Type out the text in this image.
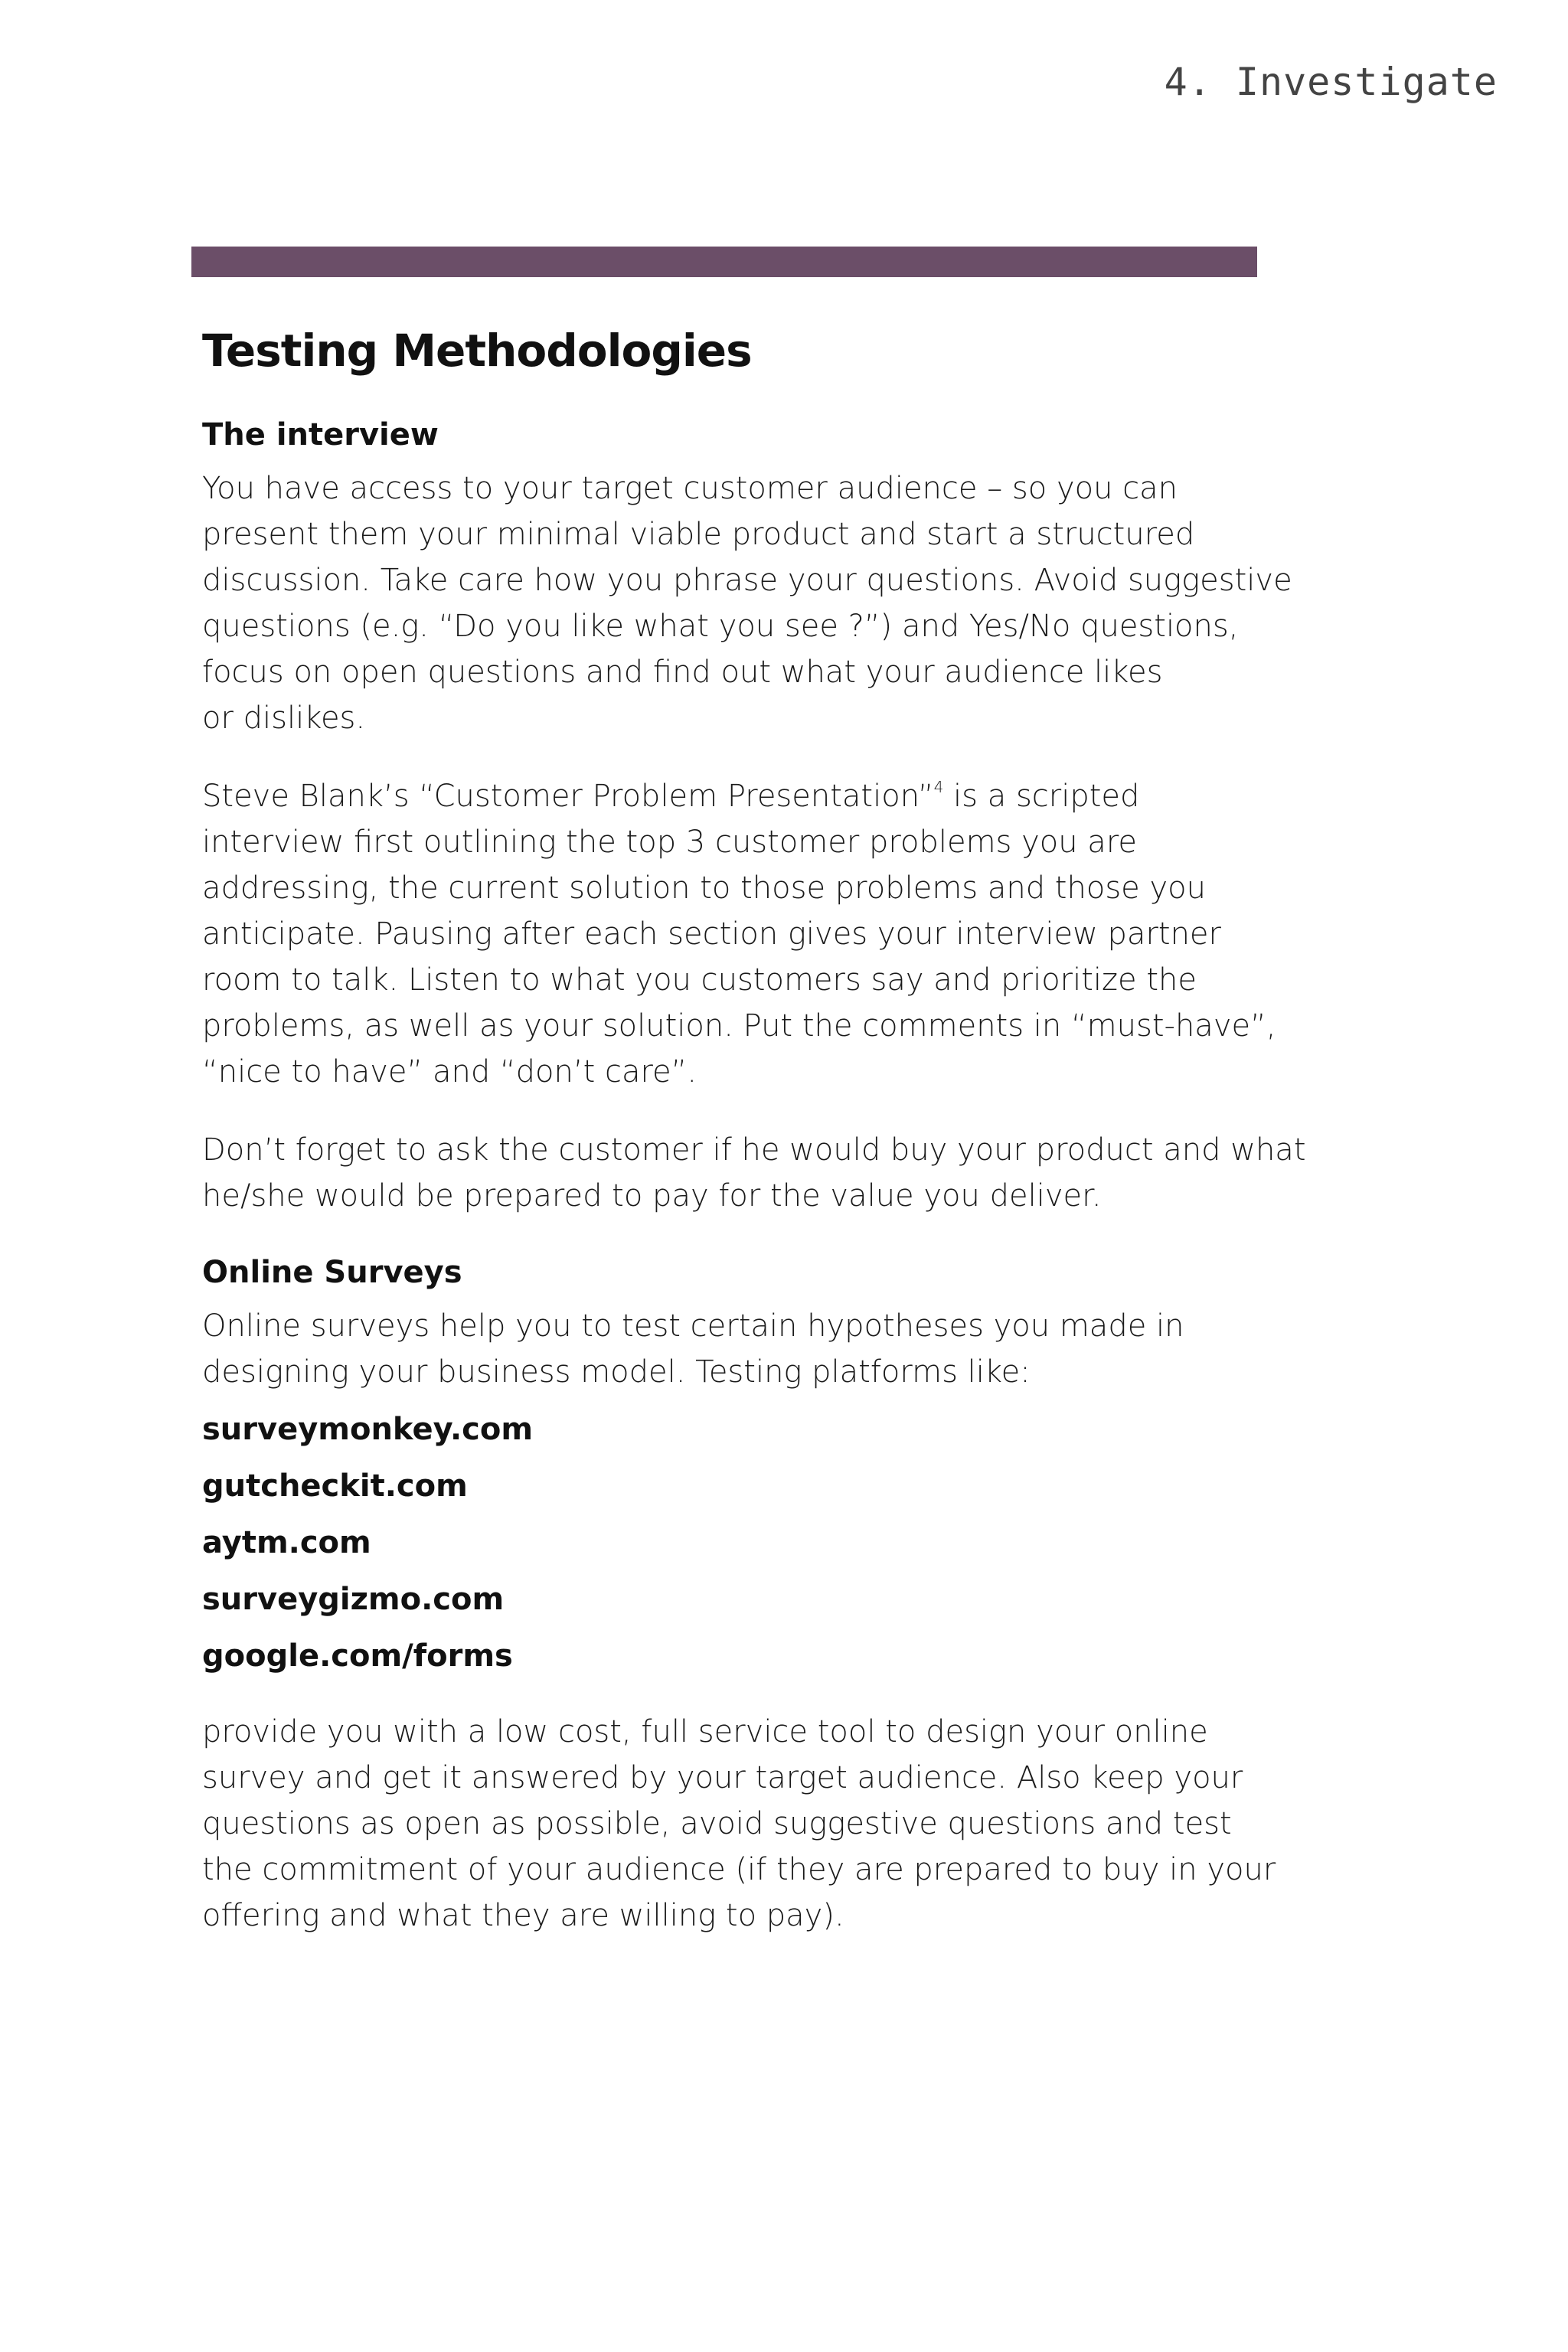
4. Investigate
Testing Methodologies
The interview

You have access to your target customer audience – so you can
present them your minimal viable product and start a structured
discussion. Take care how you phrase your questions. Avoid suggestive
questions (e.g. “Do you like what you see ?”) and Yes/No questions,
focus on open questions and find out what your audience likes
or dislikes.

Steve Blank’s “Customer Problem Presentation”$^4$ is a scripted
interview first outlining the top 3 customer problems you are
addressing, the current solution to those problems and those you
anticipate. Pausing after each section gives your interview partner
room to talk. Listen to what you customers say and prioritize the
problems, as well as your solution. Put the comments in “must-have”,
“nice to have” and “don’t care”.

Don’t forget to ask the customer if he would buy your product and what
he/she would be prepared to pay for the value you deliver.

Online Surveys

Online surveys help you to test certain hypotheses you made in
designing your business model. Testing platforms like:

surveymonkey.com
gutcheckit.com
aytm.com
surveygizmo.com
google.com/forms

provide you with a low cost, full service tool to design your online
survey and get it answered by your target audience. Also keep your
questions as open as possible, avoid suggestive questions and test
the commitment of your audience (if they are prepared to buy in your
offering and what they are willing to pay).
